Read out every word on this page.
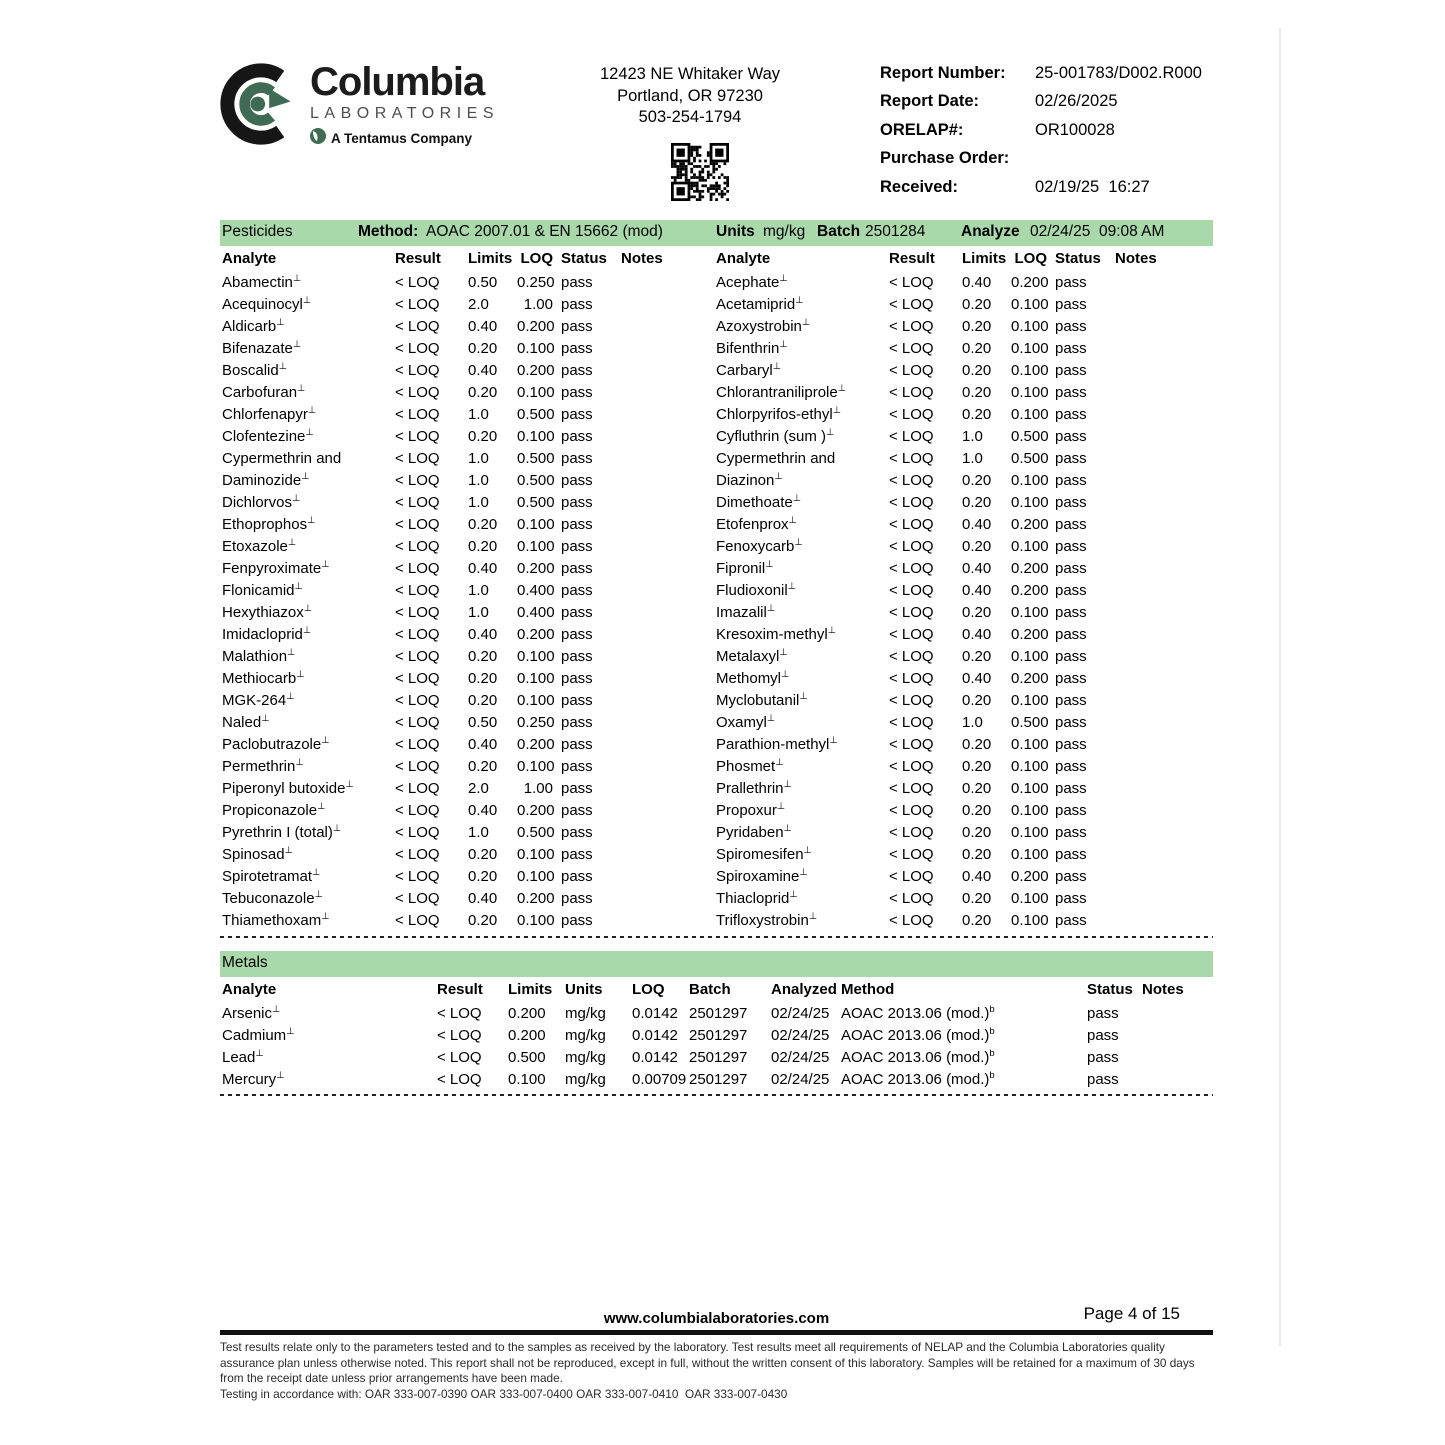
Columbia
LABORATORIES
A Tentamus Company
12423 NE Whitaker Way
Portland, OR 97230
503-254-1794
Report Number:	25-001783/D002.R000
Report Date:	02/26/2025
ORELAP#:	OR100028
Purchase Order:
Received:	02/19/25  16:27
Pesticides	Method: AOAC 2007.01 & EN 15662 (mod)	Units mg/kg Batch 2501284 Analyze 02/24/25  09:08 AM
Analyte	Result	Limits LOQ Status Notes	Analyte	Result	Limits LOQ Status Notes
Abamectin⊥	< LOQ	0.50	0.250 pass
Acequinocyl⊥	< LOQ	2.0	1.00 pass
Aldicarb⊥	< LOQ	0.40	0.200 pass
Bifenazate⊥	< LOQ	0.20	0.100 pass
Boscalid⊥	< LOQ	0.40	0.200 pass
Carbofuran⊥	< LOQ	0.20	0.100 pass
Chlorfenapyr⊥	< LOQ	1.0	0.500 pass
Clofentezine⊥	< LOQ	0.20	0.100 pass
Cypermethrin and	< LOQ	1.0	0.500 pass
Daminozide⊥	< LOQ	1.0	0.500 pass
Dichlorvos⊥	< LOQ	1.0	0.500 pass
Ethoprophos⊥	< LOQ	0.20	0.100 pass
Etoxazole⊥	< LOQ	0.20	0.100 pass
Fenpyroximate⊥	< LOQ	0.40	0.200 pass
Flonicamid⊥	< LOQ	1.0	0.400 pass
Hexythiazox⊥	< LOQ	1.0	0.400 pass
Imidacloprid⊥	< LOQ	0.40	0.200 pass
Malathion⊥	< LOQ	0.20	0.100 pass
Methiocarb⊥	< LOQ	0.20	0.100 pass
MGK-264⊥	< LOQ	0.20	0.100 pass
Naled⊥	< LOQ	0.50	0.250 pass
Paclobutrazole⊥	< LOQ	0.40	0.200 pass
Permethrin⊥	< LOQ	0.20	0.100 pass
Piperonyl butoxide⊥	< LOQ	2.0	1.00 pass
Propiconazole⊥	< LOQ	0.40	0.200 pass
Pyrethrin I (total)⊥	< LOQ	1.0	0.500 pass
Spinosad⊥	< LOQ	0.20	0.100 pass
Spirotetramat⊥	< LOQ	0.20	0.100 pass
Tebuconazole⊥	< LOQ	0.40	0.200 pass
Thiamethoxam⊥	< LOQ	0.20	0.100 pass
Acephate⊥	< LOQ	0.40	0.200 pass
Acetamiprid⊥	< LOQ	0.20	0.100 pass
Azoxystrobin⊥	< LOQ	0.20	0.100 pass
Bifenthrin⊥	< LOQ	0.20	0.100 pass
Carbaryl⊥	< LOQ	0.20	0.100 pass
Chlorantraniliprole⊥	< LOQ	0.20	0.100 pass
Chlorpyrifos-ethyl⊥	< LOQ	0.20	0.100 pass
Cyfluthrin (sum )⊥	< LOQ	1.0	0.500 pass
Cypermethrin and	< LOQ	1.0	0.500 pass
Diazinon⊥	< LOQ	0.20	0.100 pass
Dimethoate⊥	< LOQ	0.20	0.100 pass
Etofenprox⊥	< LOQ	0.40	0.200 pass
Fenoxycarb⊥	< LOQ	0.20	0.100 pass
Fipronil⊥	< LOQ	0.40	0.200 pass
Fludioxonil⊥	< LOQ	0.40	0.200 pass
Imazalil⊥	< LOQ	0.20	0.100 pass
Kresoxim-methyl⊥	< LOQ	0.40	0.200 pass
Metalaxyl⊥	< LOQ	0.20	0.100 pass
Methomyl⊥	< LOQ	0.40	0.200 pass
Myclobutanil⊥	< LOQ	0.20	0.100 pass
Oxamyl⊥	< LOQ	1.0	0.500 pass
Parathion-methyl⊥	< LOQ	0.20	0.100 pass
Phosmet⊥	< LOQ	0.20	0.100 pass
Prallethrin⊥	< LOQ	0.20	0.100 pass
Propoxur⊥	< LOQ	0.20	0.100 pass
Pyridaben⊥	< LOQ	0.20	0.100 pass
Spiromesifen⊥	< LOQ	0.20	0.100 pass
Spiroxamine⊥	< LOQ	0.40	0.200 pass
Thiacloprid⊥	< LOQ	0.20	0.100 pass
Trifloxystrobin⊥	< LOQ	0.20	0.100 pass
Metals
Analyte	Result	Limits Units	LOQ	Batch	Analyzed Method	Status Notes
Arsenic⊥	< LOQ	0.200	mg/kg	0.0142 2501297	02/24/25 AOAC 2013.06 $(mod.)^b$	pass
Cadmium⊥	< LOQ	0.200	mg/kg	0.0142 2501297	02/24/25 AOAC 2013.06 $(mod.)^b$	pass
Lead⊥	< LOQ	0.500	mg/kg	0.0142 2501297	02/24/25 AOAC 2013.06 $(mod.)^b$	pass
Mercury⊥	< LOQ	0.100	mg/kg	0.00709 2501297	02/24/25 AOAC 2013.06 $(mod.)^b$	pass
Page 4 of 15
www.columbialaboratories.com
Test results relate only to the parameters tested and to the samples as received by the laboratory. Test results meet all requirements of NELAP and the Columbia Laboratories quality assurance plan unless otherwise noted. This report shall not be reproduced, except in full, without the written consent of this laboratory. Samples will be retained for a maximum of 30 days from the receipt date unless prior arrangements have been made.
Testing in accordance with: OAR 333-007-0390 OAR 333-007-0400 OAR 333-007-0410  OAR 333-007-0430
